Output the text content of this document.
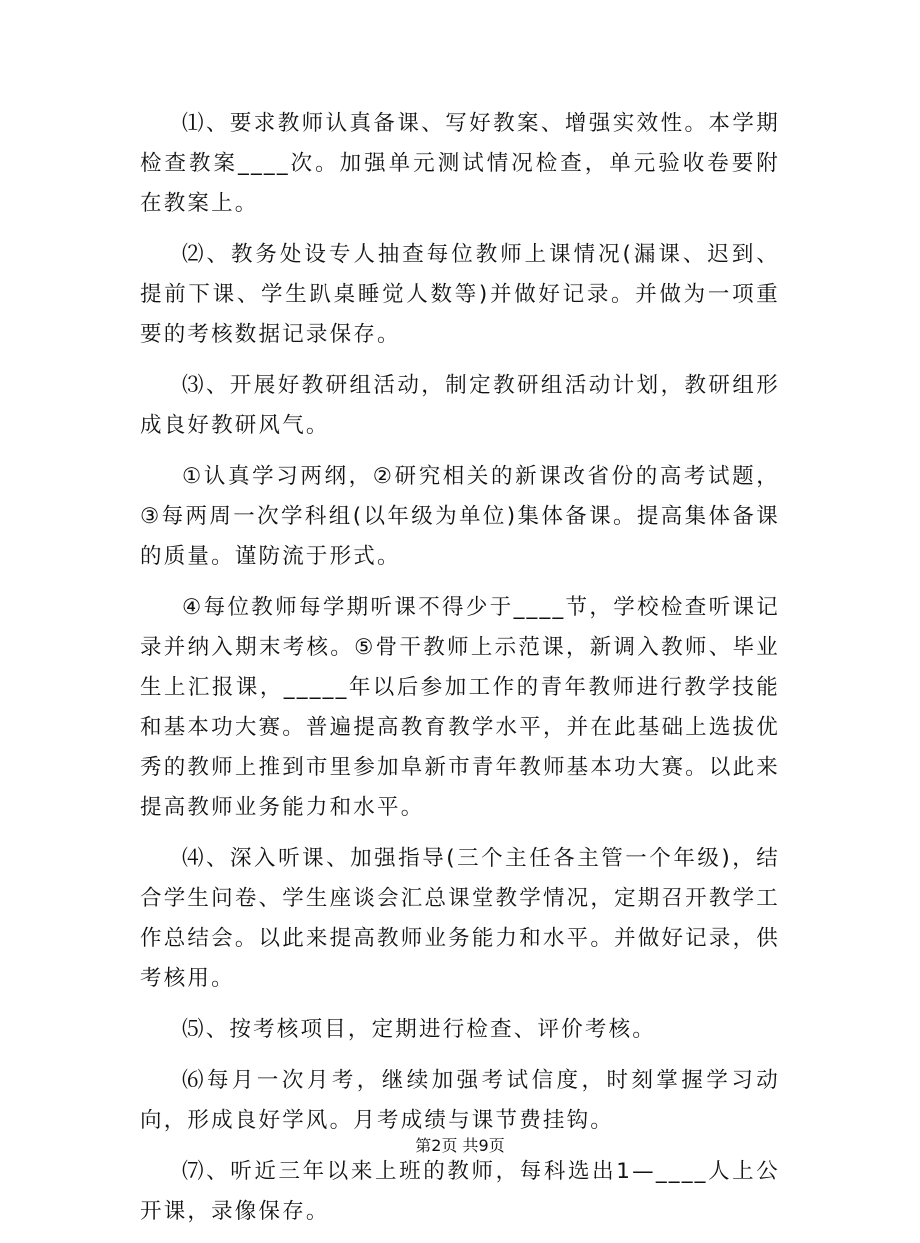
⑴、要求教师认真备课、写好教案、增强实效性。本学期检查教案____次。加强单元测试情况检查，单元验收卷要附在教案上。

⑵、教务处设专人抽查每位教师上课情况(漏课、迟到、提前下课、学生趴桌睡觉人数等)并做好记录。并做为一项重要的考核数据记录保存。

⑶、开展好教研组活动，制定教研组活动计划，教研组形成良好教研风气。

①认真学习两纲，②研究相关的新课改省份的高考试题，③每两周一次学科组(以年级为单位)集体备课。提高集体备课的质量。谨防流于形式。

④每位教师每学期听课不得少于____节，学校检查听课记录并纳入期末考核。⑤骨干教师上示范课，新调入教师、毕业生上汇报课，_____年以后参加工作的青年教师进行教学技能和基本功大赛。普遍提高教育教学水平，并在此基础上选拔优秀的教师上推到市里参加阜新市青年教师基本功大赛。以此来提高教师业务能力和水平。

⑷、深入听课、加强指导(三个主任各主管一个年级)，结合学生问卷、学生座谈会汇总课堂教学情况，定期召开教学工作总结会。以此来提高教师业务能力和水平。并做好记录，供考核用。

⑸、按考核项目，定期进行检查、评价考核。

⑹每月一次月考，继续加强考试信度，时刻掌握学习动向，形成良好学风。月考成绩与课节费挂钩。

⑺、听近三年以来上班的教师，每科选出1—____人上公开课，录像保存。

第2页 共9页
